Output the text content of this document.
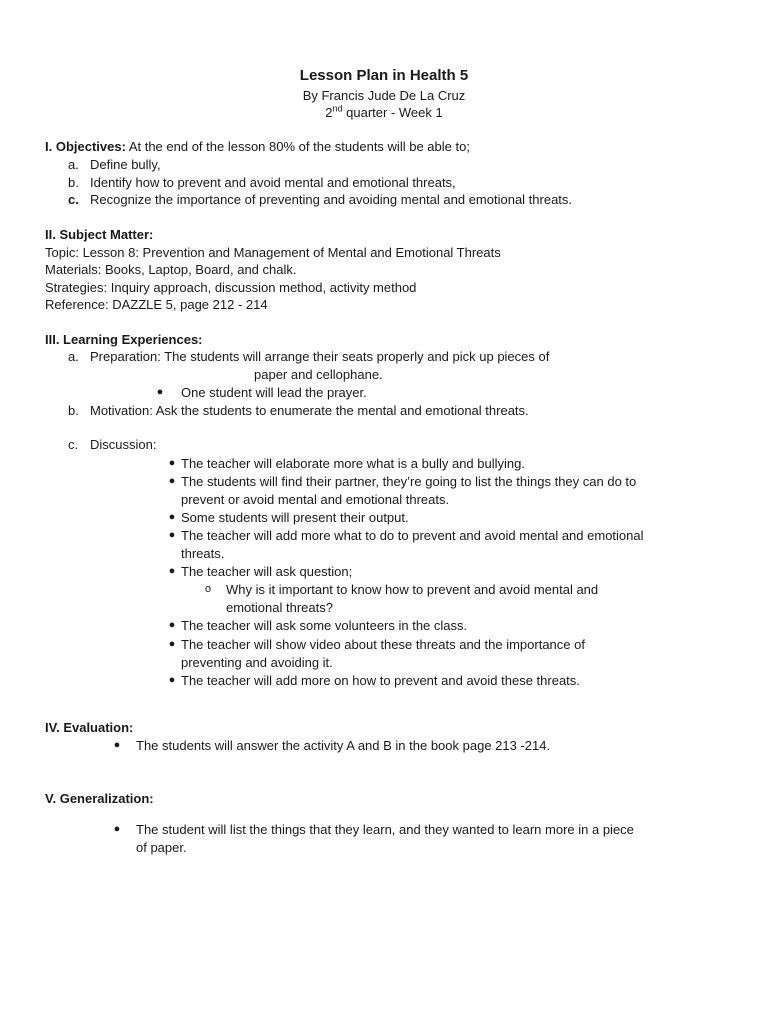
Lesson Plan in Health 5
By Francis Jude De La Cruz
2nd quarter - Week 1
I. Objectives: At the end of the lesson 80% of the students will be able to;
a. Define bully,
b. Identify how to prevent and avoid mental and emotional threats,
c. Recognize the importance of preventing and avoiding mental and emotional threats.
II. Subject Matter:
Topic: Lesson 8: Prevention and Management of Mental and Emotional Threats
Materials: Books, Laptop, Board, and chalk.
Strategies: Inquiry approach, discussion method, activity method
Reference: DAZZLE 5, page 212 - 214
III. Learning Experiences:
a. Preparation: The students will arrange their seats properly and pick up pieces of
paper and cellophane.
● One student will lead the prayer.
b. Motivation: Ask the students to enumerate the mental and emotional threats.
c. Discussion:
● The teacher will elaborate more what is a bully and bullying.
● The students will find their partner, they’re going to list the things they can do to
prevent or avoid mental and emotional threats.
● Some students will present their output.
● The teacher will add more what to do to prevent and avoid mental and emotional
threats.
● The teacher will ask question;
o Why is it important to know how to prevent and avoid mental and
emotional threats?
● The teacher will ask some volunteers in the class.
● The teacher will show video about these threats and the importance of
preventing and avoiding it.
● The teacher will add more on how to prevent and avoid these threats.
IV. Evaluation:
● The students will answer the activity A and B in the book page 213 -214.
V. Generalization:
● The student will list the things that they learn, and they wanted to learn more in a piece
of paper.
